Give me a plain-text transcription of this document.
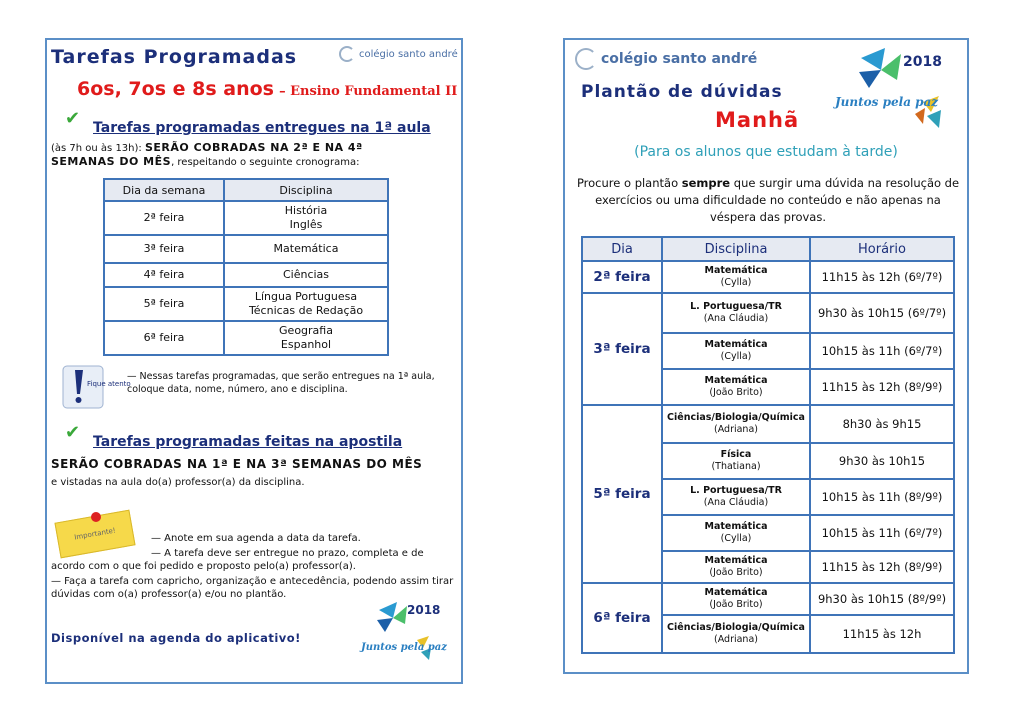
Tarefas Programadas	colégio santo andré
6os, 7os e 8s anos – Ensino Fundamental II
✔ Tarefas programadas entregues na 1ª aula
(às 7h ou às 13h): SERÃO COBRADAS NA 2ª E NA 4ª
SEMANAS DO MÊS, respeitando o seguinte cronograma:
Dia da semana	Disciplina
2ª feira	História
Inglês
3ª feira	Matemática
4ª feira	Ciências
5ª feira	Língua Portuguesa
Técnicas de Redação
6ª feira	Geografia
Espanhol
Fique atento
— Nessas tarefas programadas, que serão entregues na 1ª aula, coloque data, nome, número, ano e disciplina.
✔ Tarefas programadas feitas na apostila
SERÃO COBRADAS NA 1ª E NA 3ª SEMANAS DO MÊS
e vistadas na aula do(a) professor(a) da disciplina.
Importante!	— Anote em sua agenda a data da tarefa.
— A tarefa deve ser entregue no prazo, completa e de acordo com o que foi pedido e proposto pelo(a) professor(a).
— Faça a tarefa com capricho, organização e antecedência, podendo assim tirar dúvidas com o(a) professor(a) e/ou no plantão.
Disponível na agenda do aplicativo!
2018
Juntos pela paz
colégio santo andré
Plantão de dúvidas
Manhã
2018
Juntos pela paz
(Para os alunos que estudam à tarde)
Procure o plantão sempre que surgir uma dúvida na resolução de exercícios ou uma dificuldade no conteúdo e não apenas na véspera das provas.
Dia	Disciplina	Horário
2ª feira	Matemática
(Cylla)	11h15 às 12h (6º/7º)
3ª feira	L. Portuguesa/TR
(Ana Cláudia)	9h30 às 10h15 (6º/7º)
	Matemática
(Cylla)	10h15 às 11h (6º/7º)
	Matemática
(João Brito)	11h15 às 12h (8º/9º)
5ª feira	Ciências/Biologia/Química
(Adriana)	8h30 às 9h15
	Física
(Thatiana)	9h30 às 10h15
	L. Portuguesa/TR
(Ana Cláudia)	10h15 às 11h (8º/9º)
	Matemática
(Cylla)	10h15 às 11h (6º/7º)
	Matemática
(João Brito)	11h15 às 12h (8º/9º)
6ª feira	Matemática
(João Brito)	9h30 às 10h15 (8º/9º)
	Ciências/Biologia/Química
(Adriana)	11h15 às 12h
